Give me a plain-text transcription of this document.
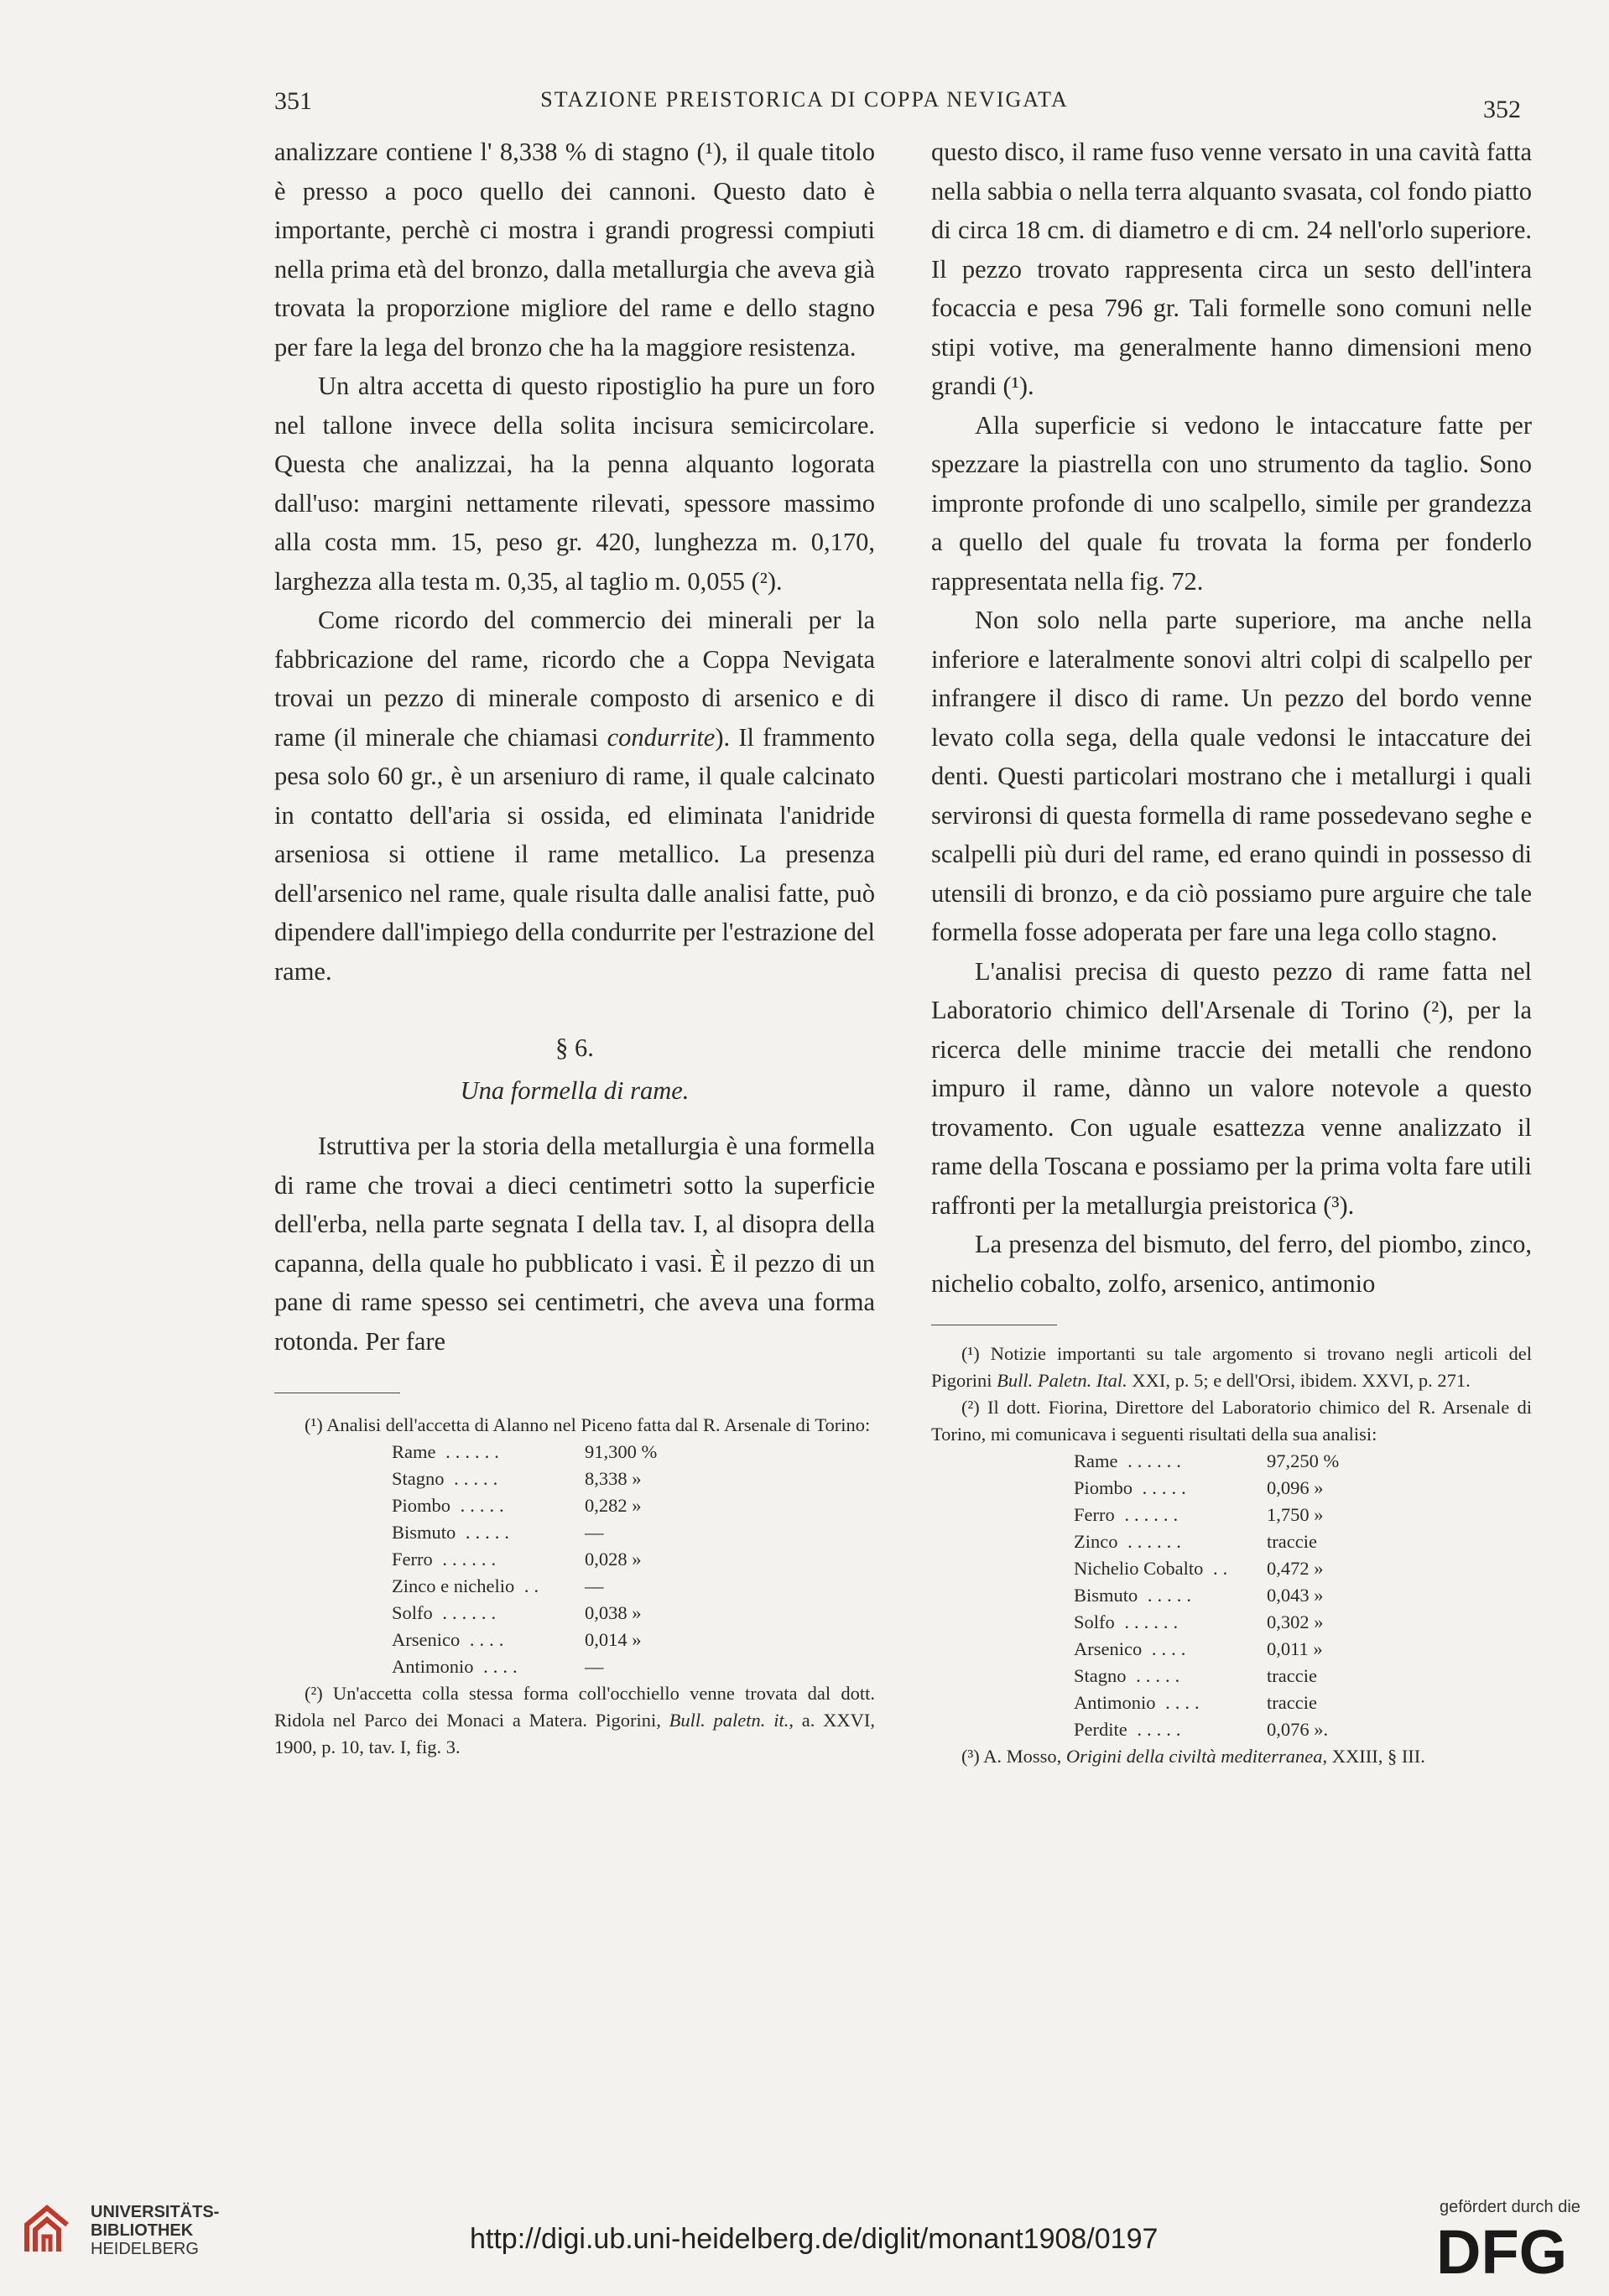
351	STAZIONE PREISTORICA DI COPPA NEVIGATA	352

analizzare contiene l' 8,338 % di stagno (¹), il quale titolo è presso a poco quello dei cannoni. Questo dato è importante, perchè ci mostra i grandi progressi compiuti nella prima età del bronzo, dalla metallurgia che aveva già trovata la proporzione migliore del rame e dello stagno per fare la lega del bronzo che ha la maggiore resistenza.

Un altra accetta di questo ripostiglio ha pure un foro nel tallone invece della solita incisura semicircolare. Questa che analizzai, ha la penna alquanto logorata dall'uso: margini nettamente rilevati, spessore massimo alla costa mm. 15, peso gr. 420, lunghezza m. 0,170, larghezza alla testa m. 0,35, al taglio m. 0,055 (²).

Come ricordo del commercio dei minerali per la fabbricazione del rame, ricordo che a Coppa Nevigata trovai un pezzo di minerale composto di arsenico e di rame (il minerale che chiamasi condurrite). Il frammento pesa solo 60 gr., è un arseniuro di rame, il quale calcinato in contatto dell'aria si ossida, ed eliminata l'anidride arseniosa si ottiene il rame metallico. La presenza dell'arsenico nel rame, quale risulta dalle analisi fatte, può dipendere dall'impiego della condurrite per l'estrazione del rame.

§ 6.
Una formella di rame.

Istruttiva per la storia della metallurgia è una formella di rame che trovai a dieci centimetri sotto la superficie dell'erba, nella parte segnata I della tav. I, al disopra della capanna, della quale ho pubblicato i vasi. È il pezzo di un pane di rame spesso sei centimetri, che aveva una forma rotonda. Per fare

(¹) Analisi dell'accetta di Alanno nel Piceno fatta dal R. Arsenale di Torino:

Rame ......	91,300 %
Stagno .....	8,338 »
Piombo .....	0,282 »
Bismuto .....	—
Ferro ......	0,028 »
Zinco e nichelio ..	—
Solfo ......	0,038 »
Arsenico ....	0,014 »
Antimonio ....	—

(²) Un'accetta colla stessa forma coll'occhiello venne trovata dal dott. Ridola nel Parco dei Monaci a Matera. Pigorini, Bull. paletn. it., a. XXVI, 1900, p. 10, tav. I, fig. 3.

questo disco, il rame fuso venne versato in una cavità fatta nella sabbia o nella terra alquanto svasata, col fondo piatto di circa 18 cm. di diametro e di cm. 24 nell'orlo superiore. Il pezzo trovato rappresenta circa un sesto dell'intera focaccia e pesa 796 gr. Tali formelle sono comuni nelle stipi votive, ma generalmente hanno dimensioni meno grandi (¹).

Alla superficie si vedono le intaccature fatte per spezzare la piastrella con uno strumento da taglio. Sono impronte profonde di uno scalpello, simile per grandezza a quello del quale fu trovata la forma per fonderlo rappresentata nella fig. 72.

Non solo nella parte superiore, ma anche nella inferiore e lateralmente sonovi altri colpi di scalpello per infrangere il disco di rame. Un pezzo del bordo venne levato colla sega, della quale vedonsi le intaccature dei denti. Questi particolari mostrano che i metallurgi i quali servironsi di questa formella di rame possedevano seghe e scalpelli più duri del rame, ed erano quindi in possesso di utensili di bronzo, e da ciò possiamo pure arguire che tale formella fosse adoperata per fare una lega collo stagno.

L'analisi precisa di questo pezzo di rame fatta nel Laboratorio chimico dell'Arsenale di Torino (²), per la ricerca delle minime traccie dei metalli che rendono impuro il rame, dànno un valore notevole a questo trovamento. Con uguale esattezza venne analizzato il rame della Toscana e possiamo per la prima volta fare utili raffronti per la metallurgia preistorica (³).

La presenza del bismuto, del ferro, del piombo, zinco, nichelio cobalto, zolfo, arsenico, antimonio

(¹) Notizie importanti su tale argomento si trovano negli articoli del Pigorini Bull. Paletn. Ital. XXI, p. 5; e dell'Orsi, ibidem. XXVI, p. 271.

(²) Il dott. Fiorina, Direttore del Laboratorio chimico del R. Arsenale di Torino, mi comunicava i seguenti risultati della sua analisi:

Rame ......	97,250 %
Piombo .....	0,096 »
Ferro ......	1,750 »
Zinco ......	traccie
Nichelio Cobalto ..	0,472 »
Bismuto .....	0,043 »
Solfo ......	0,302 »
Arsenico ....	0,011 »
Stagno .....	traccie
Antimonio ....	traccie
Perdite .....	0,076 ».

(³) A. Mosso, Origini della civiltà mediterranea, XXIII, § III.

UNIVERSITÄTS-
BIBLIOTHEK
HEIDELBERG	http://digi.ub.uni-heidelberg.de/diglit/monant1908/0197
gefördert durch die
DFG
